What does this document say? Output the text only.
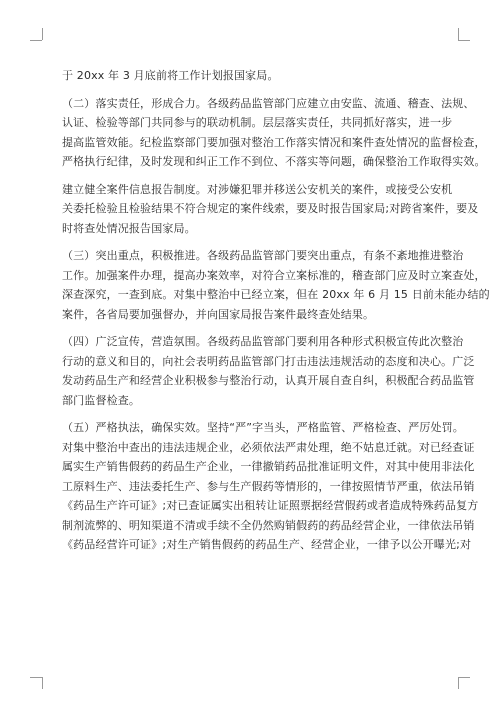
于 20xx 年 3 月底前将工作计划报国家局。

（二）落实责任，形成合力。各级药品监管部门应建立由安监、流通、稽查、法规、
认证、检验等部门共同参与的联动机制。层层落实责任，共同抓好落实，进一步
提高监管效能。纪检监察部门要加强对整治工作落实情况和案件查处情况的监督检查，
严格执行纪律，及时发现和纠正工作不到位、不落实等问题，确保整治工作取得实效。

建立健全案件信息报告制度。对涉嫌犯罪并移送公安机关的案件，或接受公安机
关委托检验且检验结果不符合规定的案件线索，要及时报告国家局;对跨省案件，要及
时将查处情况报告国家局。

（三）突出重点，积极推进。各级药品监管部门要突出重点，有条不紊地推进整治
工作。加强案件办理，提高办案效率，对符合立案标准的，稽查部门应及时立案查处，
深查深究，一查到底。对集中整治中已经立案，但在 20xx 年 6 月 15 日前未能办结的
案件，各省局要加强督办，并向国家局报告案件最终查处结果。

（四）广泛宣传，营造氛围。各级药品监管部门要利用各种形式积极宣传此次整治
行动的意义和目的，向社会表明药品监管部门打击违法违规活动的态度和决心。广泛
发动药品生产和经营企业积极参与整治行动，认真开展自查自纠，积极配合药品监管
部门监督检查。

（五）严格执法，确保实效。坚持“严”字当头，严格监管、严格检查、严厉处罚。
对集中整治中查出的违法违规企业，必须依法严肃处理，绝不姑息迁就。对已经查证
属实生产销售假药的药品生产企业，一律撤销药品批准证明文件，对其中使用非法化
工原料生产、违法委托生产、参与生产假药等情形的，一律按照情节严重，依法吊销
《药品生产许可证》;对已查证属实出租转让证照票据经营假药或者造成特殊药品复方
制剂流弊的、明知渠道不清或手续不全仍然购销假药的药品经营企业，一律依法吊销
《药品经营许可证》;对生产销售假药的药品生产、经营企业，一律予以公开曝光;对
